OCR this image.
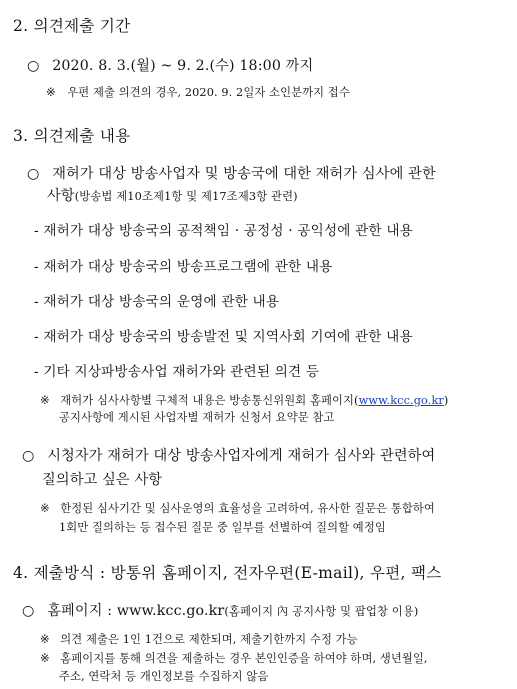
2. 의견제출 기간
○ 2020. 8. 3.(월) ~ 9. 2.(수) 18:00 까지
※ 우편 제출 의견의 경우, 2020. 9. 2일자 소인분까지 접수
3. 의견제출 내용
○ 재허가 대상 방송사업자 및 방송국에 대한 재허가 심사에 관한
사항(방송법 제10조제1항 및 제17조제3항 관련)
- 재허가 대상 방송국의 공적책임 · 공정성 · 공익성에 관한 내용
- 재허가 대상 방송국의 방송프로그램에 관한 내용
- 재허가 대상 방송국의 운영에 관한 내용
- 재허가 대상 방송국의 방송발전 및 지역사회 기여에 관한 내용
- 기타 지상파방송사업 재허가와 관련된 의견 등
※ 재허가 심사사항별 구체적 내용은 방송통신위원회 홈페이지(www.kcc.go.kr)
공지사항에 게시된 사업자별 재허가 신청서 요약문 참고
○ 시청자가 재허가 대상 방송사업자에게 재허가 심사와 관련하여
질의하고 싶은 사항
※ 한정된 심사기간 및 심사운영의 효율성을 고려하여, 유사한 질문은 통합하여
1회만 질의하는 등 접수된 질문 중 일부를 선별하여 질의할 예정임
4. 제출방식 : 방통위 홈페이지, 전자우편(E-mail), 우편, 팩스
○ 홈페이지 : www.kcc.go.kr(홈페이지 內 공지사항 및 팝업창 이용)
※ 의견 제출은 1인 1건으로 제한되며, 제출기한까지 수정 가능
※ 홈페이지를 통해 의견을 제출하는 경우 본인인증을 하여야 하며, 생년월일,
주소, 연락처 등 개인정보를 수집하지 않음
